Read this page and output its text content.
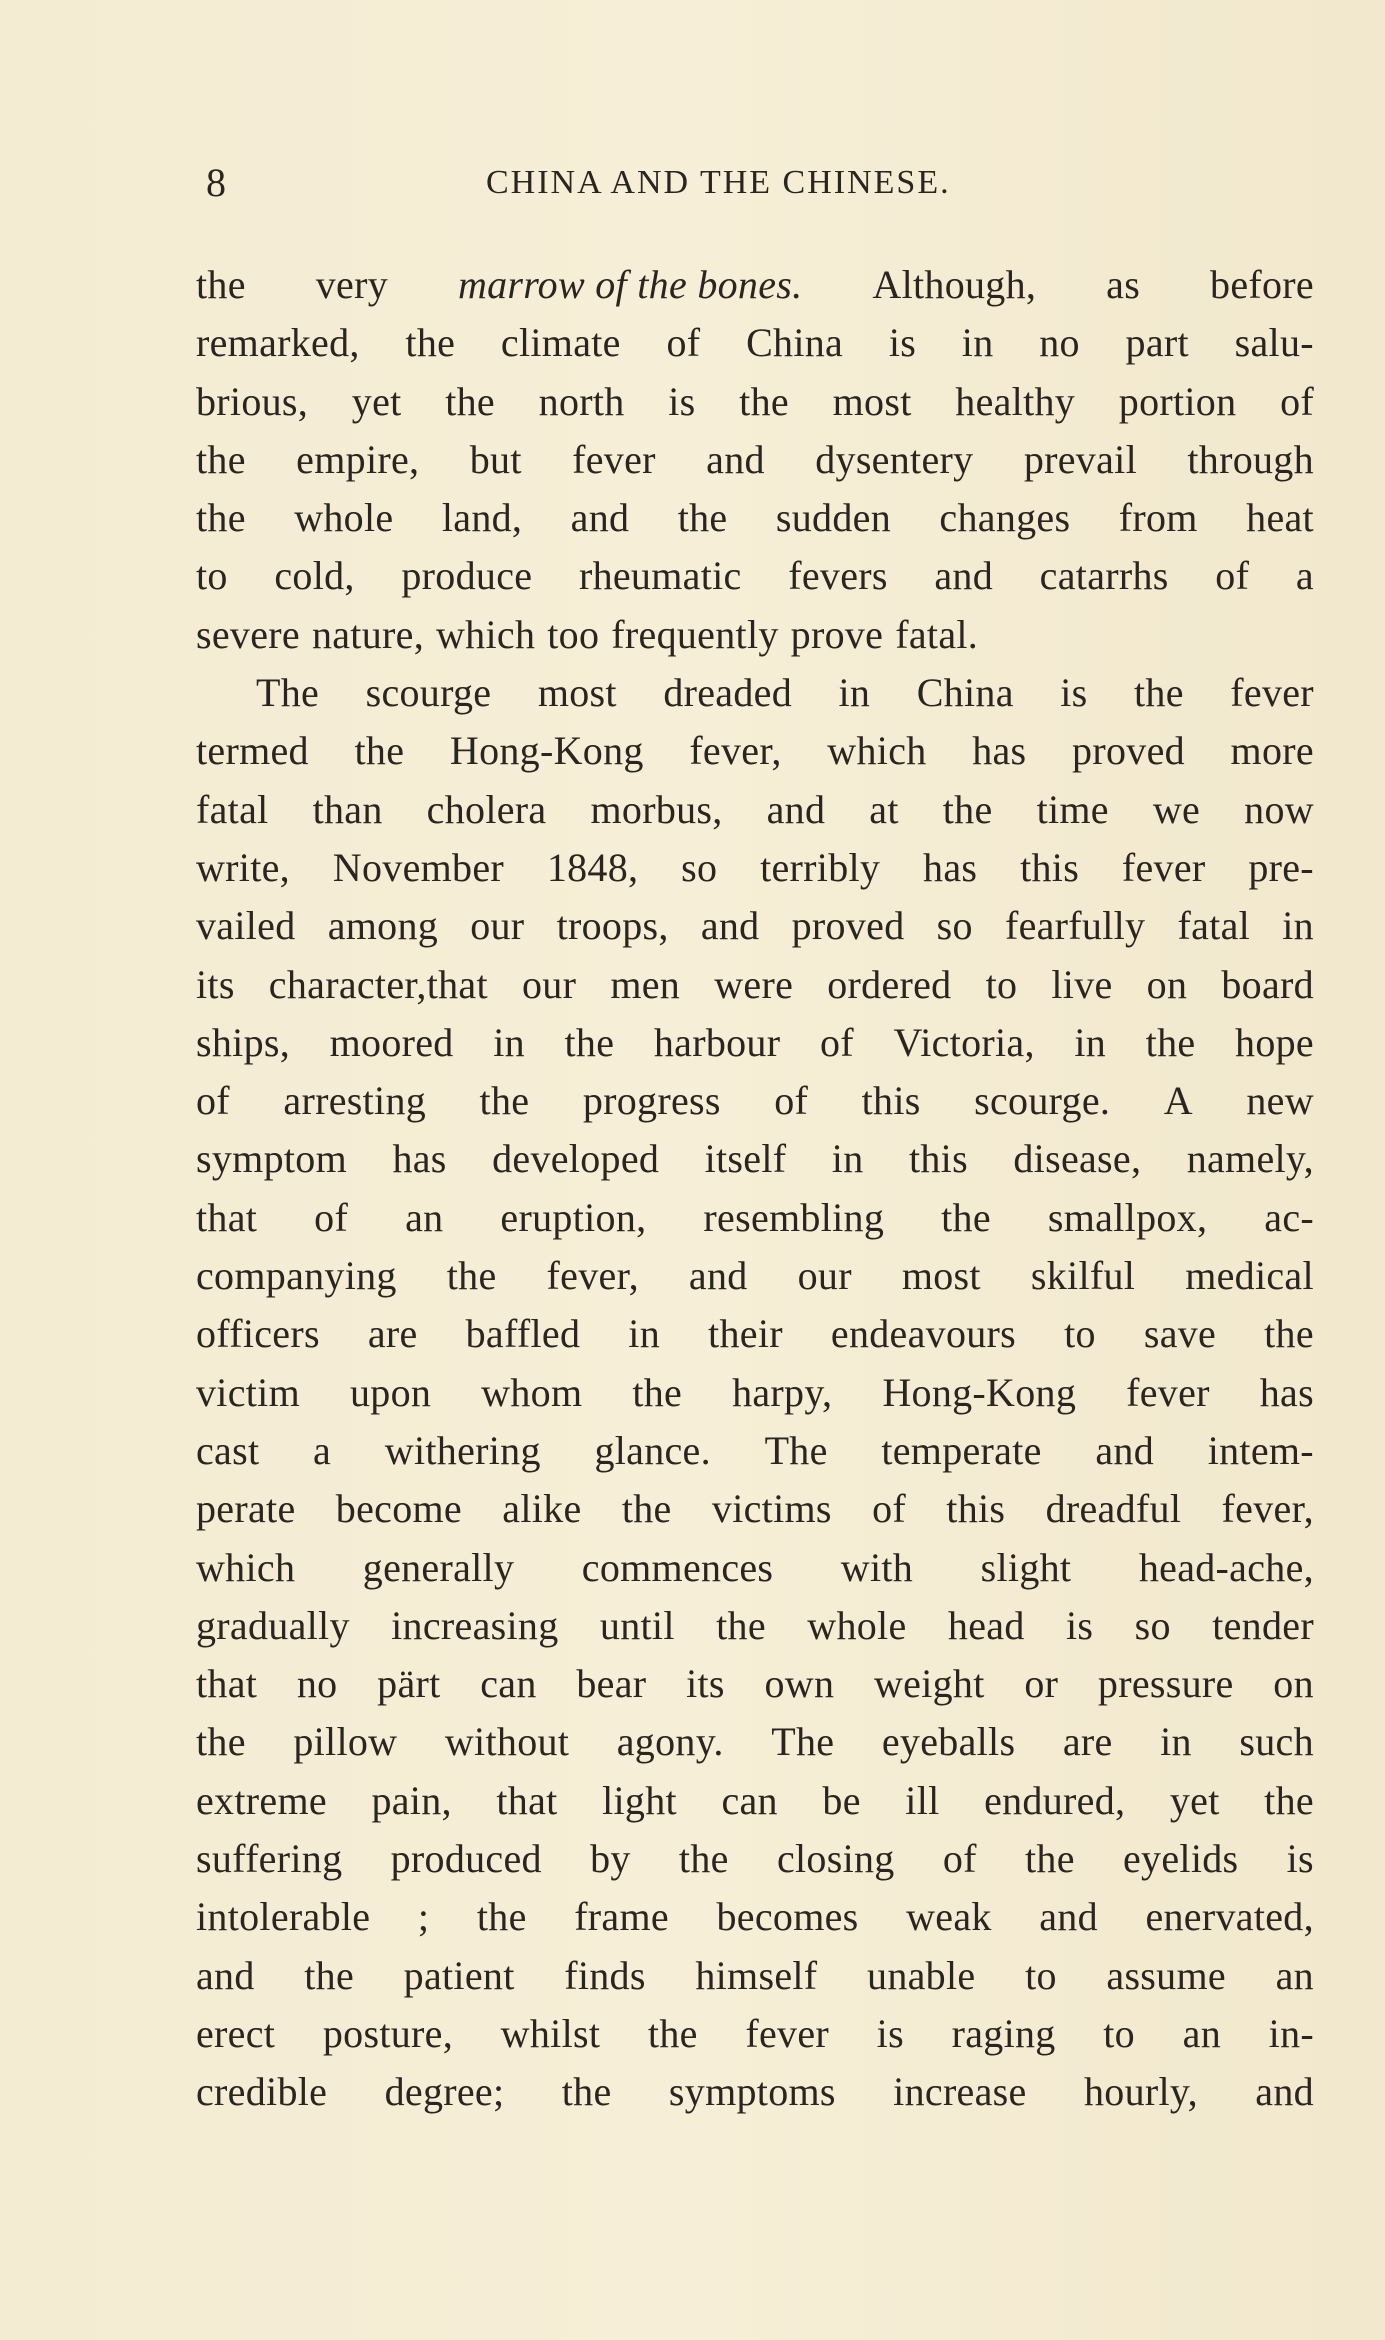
8	CHINA AND THE CHINESE.
the very marrow of the bones. Although, as before
remarked, the climate of China is in no part salu-
brious, yet the north is the most healthy portion of
the empire, but fever and dysentery prevail through
the whole land, and the sudden changes from heat
to cold, produce rheumatic fevers and catarrhs of a
severe nature, which too frequently prove fatal.
The scourge most dreaded in China is the fever
termed the Hong-Kong fever, which has proved more
fatal than cholera morbus, and at the time we now
write, November 1848, so terribly has this fever pre-
vailed among our troops, and proved so fearfully fatal in
its character,that our men were ordered to live on board
ships, moored in the harbour of Victoria, in the hope
of arresting the progress of this scourge. A new
symptom has developed itself in this disease, namely,
that of an eruption, resembling the smallpox, ac-
companying the fever, and our most skilful medical
officers are baffled in their endeavours to save the
victim upon whom the harpy, Hong-Kong fever has
cast a withering glance. The temperate and intem-
perate become alike the victims of this dreadful fever,
which generally commences with slight head-ache,
gradually increasing until the whole head is so tender
that no pärt can bear its own weight or pressure on
the pillow without agony. The eyeballs are in such
extreme pain, that light can be ill endured, yet the
suffering produced by the closing of the eyelids is
intolerable ; the frame becomes weak and enervated,
and the patient finds himself unable to assume an
erect posture, whilst the fever is raging to an in-
credible degree; the symptoms increase hourly, and
